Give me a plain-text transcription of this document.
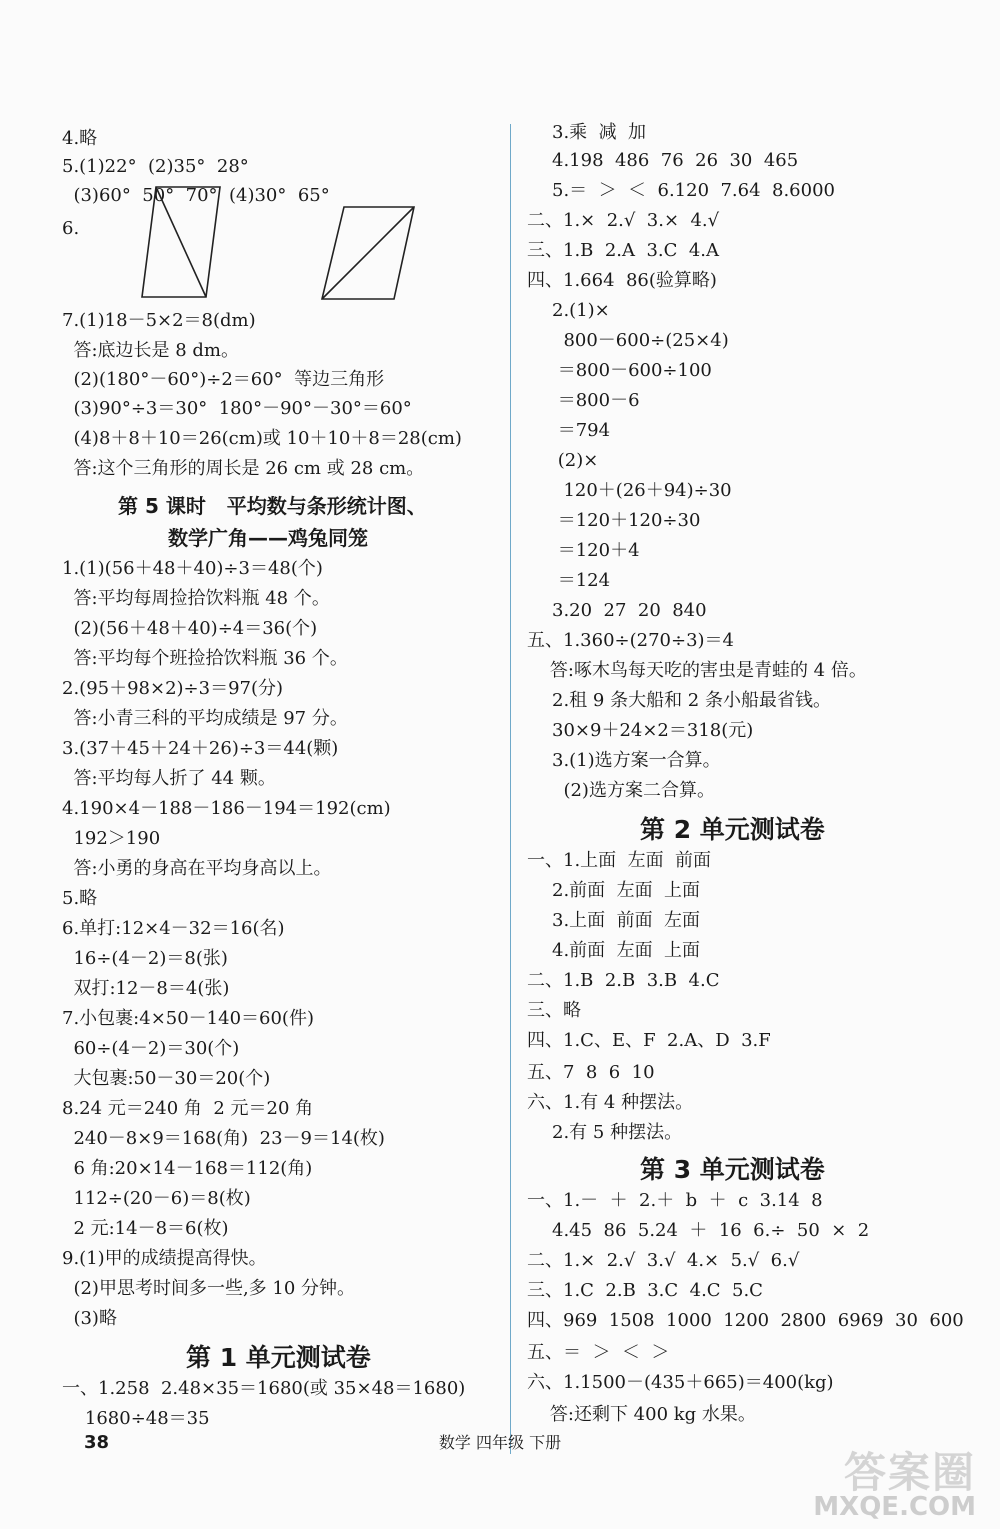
4.略
5.(1)22°  (2)35°  28°
(3)60°  50°  70°  (4)30°  65°
6.
7.(1)18－5×2＝8(dm)
答:底边长是 8 dm。
(2)(180°－60°)÷2＝60°  等边三角形
(3)90°÷3＝30°  180°－90°－30°＝60°
(4)8＋8＋10＝26(cm)或 10＋10＋8＝28(cm)
答:这个三角形的周长是 26 cm 或 28 cm。
1.(1)(56＋48＋40)÷3＝48(个)
答:平均每周捡拾饮料瓶 48 个。
(2)(56＋48＋40)÷4＝36(个)
答:平均每个班捡拾饮料瓶 36 个。
2.(95＋98×2)÷3＝97(分)
答:小青三科的平均成绩是 97 分。
3.(37＋45＋24＋26)÷3＝44(颗)
答:平均每人折了 44 颗。
4.190×4－188－186－194＝192(cm)
192＞190
答:小勇的身高在平均身高以上。
5.略
6.单打:12×4－32＝16(名)
16÷(4－2)＝8(张)
双打:12－8＝4(张)
7.小包裹:4×50－140＝60(件)
60÷(4－2)＝30(个)
大包裹:50－30＝20(个)
8.24 元＝240 角  2 元＝20 角
240－8×9＝168(角)  23－9＝14(枚)
6 角:20×14－168＝112(角)
112÷(20－6)＝8(枚)
2 元:14－8＝6(枚)
9.(1)甲的成绩提高得快。
(2)甲思考时间多一些,多 10 分钟。
(3)略
一、1.258  2.48×35＝1680(或 35×48＝1680)
1680÷48＝35
第 5 课时   平均数与条形统计图、
数学广角——鸡兔同笼
第 1 单元测试卷
3.乘  减  加
4.198  486  76  26  30  465
5.＝  ＞  ＜  6.120  7.64  8.6000
二、1.×  2.√  3.×  4.√
三、1.B  2.A  3.C  4.A
四、1.664  86(验算略)
2.(1)×
800－600÷(25×4)
＝800－600÷100
＝800－6
＝794
(2)×
120＋(26＋94)÷30
＝120＋120÷30
＝120＋4
＝124
3.20  27  20  840
五、1.360÷(270÷3)＝4
答:啄木鸟每天吃的害虫是青蛙的 4 倍。
2.租 9 条大船和 2 条小船最省钱。
30×9＋24×2＝318(元)
3.(1)选方案一合算。
(2)选方案二合算。
一、1.上面  左面  前面
2.前面  左面  上面
3.上面  前面  左面
4.前面  左面  上面
二、1.B  2.B  3.B  4.C
三、略
四、1.C、E、F  2.A、D  3.F
五、7  8  6  10
六、1.有 4 种摆法。
2.有 5 种摆法。
一、1.－  ＋  2.＋  b  ＋  c  3.14  8
4.45  86  5.24  ＋  16  6.÷  50  ×  2
二、1.×  2.√  3.√  4.×  5.√  6.√
三、1.C  2.B  3.C  4.C  5.C
四、969  1508  1000  1200  2800  6969  30  600
五、＝  ＞  ＜  ＞
六、1.1500－(435＋665)＝400(kg)
答:还剩下 400 kg 水果。
第 2 单元测试卷
第 3 单元测试卷
38	数学 四年级 下册
答案圈
MXQE.COM
